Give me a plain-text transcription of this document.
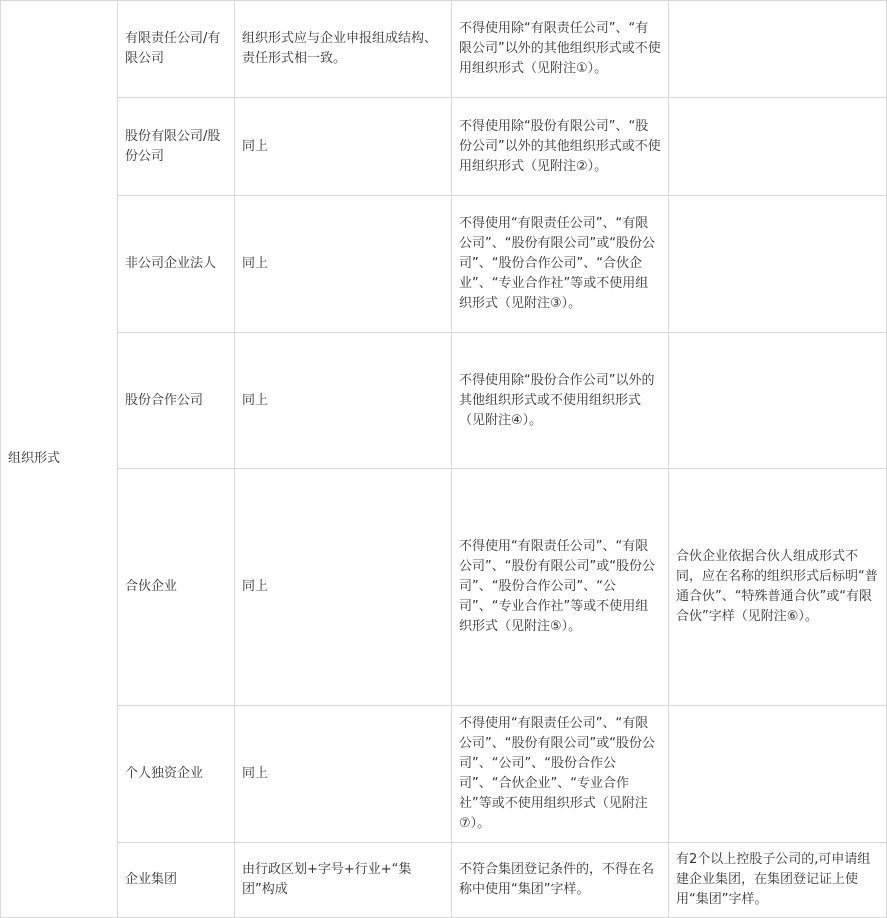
组织形式	有限责任公司/有限公司	组织形式应与企业申报组成结构、责任形式相一致。	不得使用除“有限责任公司”、“有限公司”以外的其他组织形式或不使用组织形式（见附注①）。	
	股份有限公司/股份公司	同上	不得使用除“股份有限公司”、“股份公司”以外的其他组织形式或不使用组织形式（见附注②）。	
	非公司企业法人	同上	不得使用“有限责任公司”、“有限公司”、“股份有限公司”或“股份公司”、“股份合作公司”、“合伙企业”、“专业合作社”等或不使用组织形式（见附注③）。	
	股份合作公司	同上	不得使用除“股份合作公司”以外的其他组织形式或不使用组织形式（见附注④）。	
	合伙企业	同上	不得使用“有限责任公司”、“有限公司”、“股份有限公司”或“股份公司”、“股份合作公司”、“公司”、“专业合作社”等或不使用组织形式（见附注⑤）。	合伙企业依据合伙人组成形式不同，应在名称的组织形式后标明“普通合伙”、“特殊普通合伙”或“有限合伙”字样（见附注⑥）。
	个人独资企业	同上	不得使用“有限责任公司”、“有限公司”、“股份有限公司”或“股份公司”、“公司”、“股份合作公司”、“合伙企业”、“专业合作社”等或不使用组织形式（见附注⑦）。	
	企业集团	由行政区划+字号+行业+“集团”构成	不符合集团登记条件的，不得在名称中使用“集团”字样。	有2个以上控股子公司的,可申请组建企业集团，在集团登记证上使用“集团”字样。
